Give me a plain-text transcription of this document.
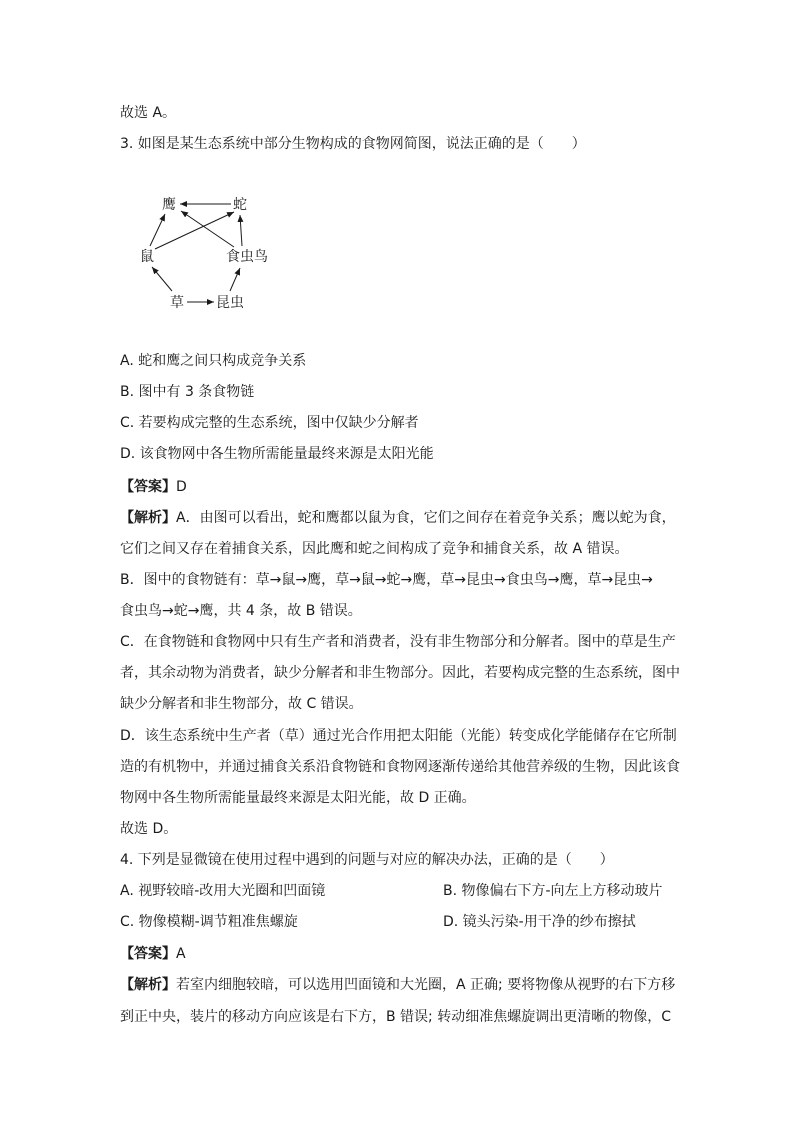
故选 A。
3. 如图是某生态系统中部分生物构成的食物网简图，说法正确的是（　　）
鹰	蛇
鼠	食虫鸟
草 昆虫
A. 蛇和鹰之间只构成竞争关系
B. 图中有 3 条食物链
C. 若要构成完整的生态系统，图中仅缺少分解者
D. 该食物网中各生物所需能量最终来源是太阳光能
【答案】D
【解析】A．由图可以看出，蛇和鹰都以鼠为食，它们之间存在着竞争关系；鹰以蛇为食，
它们之间又存在着捕食关系，因此鹰和蛇之间构成了竞争和捕食关系，故 A 错误。
B．图中的食物链有：草→鼠→鹰，草→鼠→蛇→鹰，草→昆虫→食虫鸟→鹰，草→昆虫→
食虫鸟→蛇→鹰，共 4 条，故 B 错误。
C．在食物链和食物网中只有生产者和消费者，没有非生物部分和分解者。图中的草是生产
者，其余动物为消费者，缺少分解者和非生物部分。因此，若要构成完整的生态系统，图中
缺少分解者和非生物部分，故 C 错误。
D．该生态系统中生产者（草）通过光合作用把太阳能（光能）转变成化学能储存在它所制
造的有机物中，并通过捕食关系沿食物链和食物网逐渐传递给其他营养级的生物，因此该食
物网中各生物所需能量最终来源是太阳光能，故 D 正确。
故选 D。
4. 下列是显微镜在使用过程中遇到的问题与对应的解决办法，正确的是（　　）
A. 视野较暗-改用大光圈和凹面镜	B. 物像偏右下方-向左上方移动玻片
C. 物像模糊-调节粗准焦螺旋	D. 镜头污染-用干净的纱布擦拭
【答案】A
【解析】若室内细胞较暗，可以选用凹面镜和大光圈，A 正确; 要将物像从视野的右下方移
到正中央，装片的移动方向应该是右下方，B 错误; 转动细准焦螺旋调出更清晰的物像，C
